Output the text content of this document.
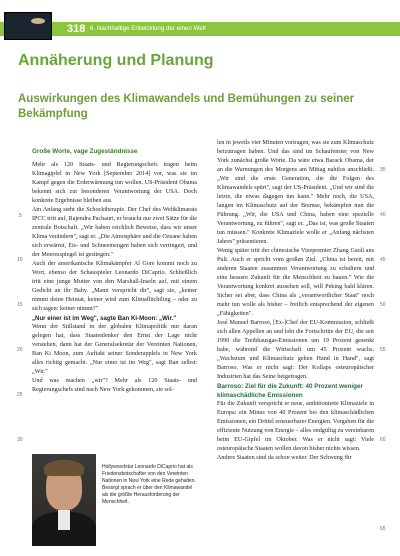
318 6. Nachhaltige Entwicklung der einen Welt
Annäherung und Planung
Auswirkungen des Klimawandels und Bemühungen zu seiner Bekämpfung
Große Worte, vage Zugeständnisse

Mehr als 120 Staats- und Regierungschefs tragen beim Klimagipfel in New York [September 2014] vor, was sie im Kampf gegen die Erderwärmung tun wollen. US-Präsident Obama bekennt sich zur besonderen Verantwortung der USA. Doch konkrete Ergebnisse bleiben aus.

Am Anfang steht die Schocktherapie. Der Chef des Weltklimarats IPCC tritt auf, Rajendra Pachauri, er braucht nur zwei Sätze für die zentrale Botschaft. „Wir haben reichlich Beweise, dass wir unser Klima verändern", sagt er. „Die Atmosphäre und die Ozeane haben sich erwärmt, Eis- und Schneemengen haben sich verringert, und der Meeresspiegel ist gestiegen."

Auch der amerikanische Klimakämpfer Al Gore kommt noch zu Wort, ebenso der Schauspieler Leonardo DiCaprio. Schließlich tritt eine junge Mutter von den Marshall-Inseln auf, mit einem Gedicht an ihr Baby. „Mami verspricht dir", sagt sie, „keiner nimmt deine Heimat, keiner wird zum Klimaflüchtling – oder zu sich tagen: keiner nimmt?"

„Nur einer ist im Weg", sagte Ban Ki-Moon: „Wir."

Wenn der Stillstand in der globalen Klimapolitik nur daran gelegen hat, dass Staatenlenker den Ernst der Lage nicht verstehen, dann hat der Generalsekretär der Vereinten Nationen, Ban Ki Moon, zum Auftakt seiner Sonderapplels in New York alles richtig gemacht. „Nur einer ist im Weg", sagt Ban selbst: „Wir."

Und was machen „wir"? Mehr als 120 Staats- und Regierungschefs sind nach New York gekommen, sie sol-

5
10
15
20
25
30

Hollywoodstar Leonardo DiCaprio hat als Friedensbotschafter von den Vereinten Nationen in New York eine Rede gehalten. Besorgt sprach er über den Klimawandel als die größte Herausforderung der Menschheit.

len in jeweils vier Minuten vortragen, was sie zum Klimaschutz beizutragen haben. Und das sind im Schaufenster von New York zunächst große Worte. Da wäre etwa Barack Obama, der an die Warnungen des Morgens am Mittag nahtlos anschließt. „Wir sind die erste Generation, die die Folgen des Klimawandels spürt", sagt der US-Präsident. „Und wir sind die letzte, die etwas dagegen tun kann." Mehr noch, die USA, langen im Klimaschutz auf der Bremse, bekämpfen nun die Führung. „Wir, die USA und China, haben eine spezielle Verantwortung, zu führen", sagt er. „Das ist, was große Staaten tun müssen." Konkrete Klimaziele wolle er „Anfang nächsten Jahres" präsentieren.

Wenig später tritt der chinesische Vizepremier Zhang Gaoli ans Pult. Auch er spricht vom großen Ziel. „China ist bereit, mit anderen Staaten zusammen Verantwortung zu schultern und eine bessere Zukunft für die Menschheit zu bauen." Wie die Verantwortung konkret aussehen soll, will Peking bald klären. Sicher sei aber, dass China als „verantwortlicher Staat" noch mehr tun wolle als bisher – freilich entsprechend der eigenen „Fähigkeiten".

José Manuel Barroso, [Ex-]Chef der EU-Kommission, schließt sich allen Appellen an und lobt die Fortschritte der EU, die seit 1990 die Treibhausgas-Emissionen um 19 Prozent gesenkt habe, während die Wirtschaft um 45 Prozent wuchs. „Wachstum und Klimaschutz gehen Hand in Hand", sagt Barroso. Was er nicht sagt: Der Kollaps osteuropäischer Industrien hat das Seine beigetragen.

Barroso: Ziel für die Zukunft: 40 Prozent weniger klimaschädliche Emissionen

Für die Zukunft verspricht er neue, ambitionierte Klimaziele in Europa: ein Minus von 40 Prozent bei den klimaschädlichen Emissionen, ein Drittel erneuerbarer Energien. Vorgaben für die effiziente Nutzung von Energie – alles endgültig zu vereinbaren beim EU-Gipfel im Oktober. Was er nicht sagt: Viele osteuropäische Staaten wollen davon bisher nichts wissen.

Andere Staaten sind da schon weiter. Der Schwung für

35
40
45
50
55
60
65
